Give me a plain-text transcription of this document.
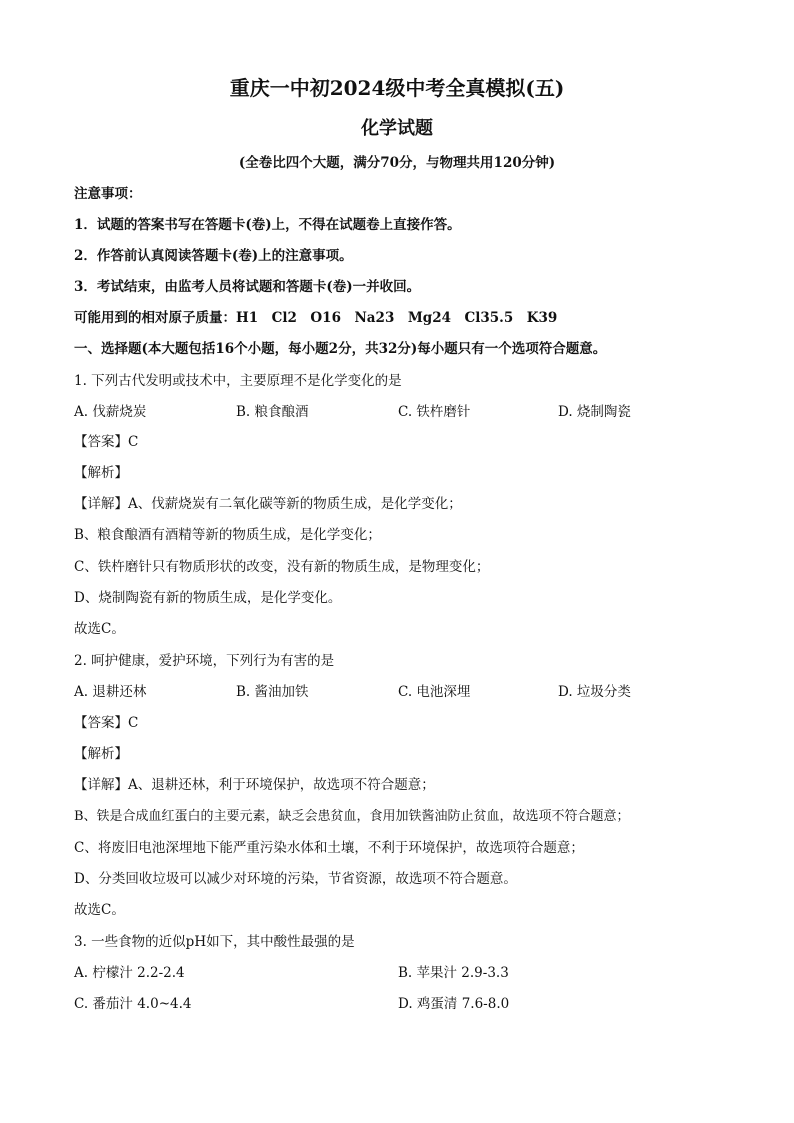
重庆一中初2024级中考全真模拟(五)
化学试题
(全卷比四个大题，满分70分，与物理共用120分钟)
注意事项：
1．试题的答案书写在答题卡(卷)上，不得在试题卷上直接作答。
2．作答前认真阅读答题卡(卷)上的注意事项。
3．考试结束，由监考人员将试题和答题卡(卷)一并收回。
可能用到的相对原子质量：H1　Cl2　O16　Na23　Mg24　Cl35.5　K39
一、选择题(本大题包括16个小题，每小题2分，共32分)每小题只有一个选项符合题意。
1. 下列古代发明或技术中，主要原理不是化学变化的是
A. 伐薪烧炭	B. 粮食酿酒	C. 铁杵磨针	D. 烧制陶瓷
【答案】C
【解析】
【详解】A、伐薪烧炭有二氧化碳等新的物质生成，是化学变化；
B、粮食酿酒有酒精等新的物质生成，是化学变化；
C、铁杵磨针只有物质形状的改变，没有新的物质生成，是物理变化；
D、烧制陶瓷有新的物质生成，是化学变化。
故选C。
2. 呵护健康，爱护环境，下列行为有害的是
A. 退耕还林	B. 酱油加铁	C. 电池深埋	D. 垃圾分类
【答案】C
【解析】
【详解】A、退耕还林，利于环境保护，故选项不符合题意；
B、铁是合成血红蛋白的主要元素，缺乏会患贫血，食用加铁酱油防止贫血，故选项不符合题意；
C、将废旧电池深埋地下能严重污染水体和土壤，不利于环境保护，故选项符合题意；
D、分类回收垃圾可以减少对环境的污染，节省资源，故选项不符合题意。
故选C。
3. 一些食物的近似pH如下，其中酸性最强的是
A. 柠檬汁 2.2-2.4	B. 苹果汁 2.9-3.3
C. 番茄汁 4.0~4.4	D. 鸡蛋清 7.6-8.0
